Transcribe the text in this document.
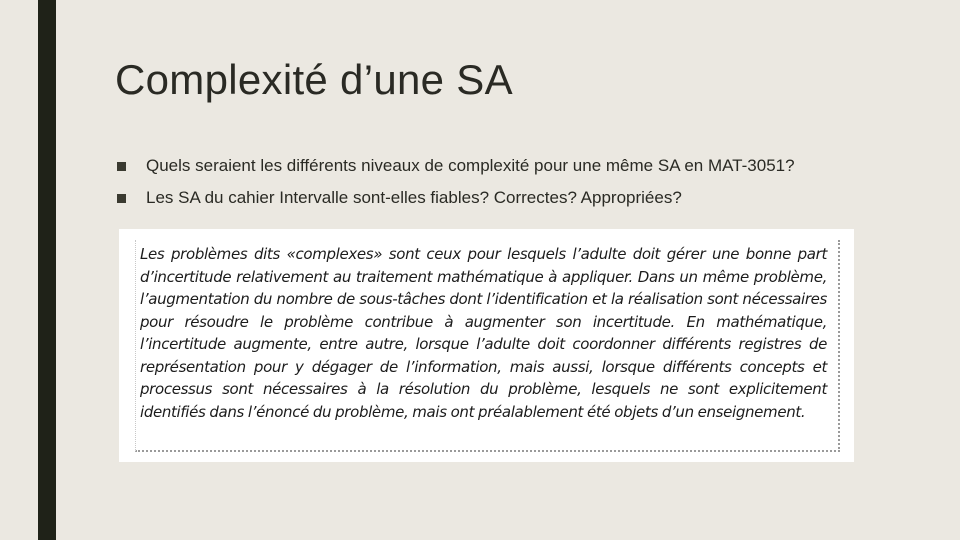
Complexité d’une SA
Quels seraient les différents niveaux de complexité pour une même SA en MAT-3051?
Les SA du cahier Intervalle sont-elles fiables? Correctes? Appropriées?

Les problèmes dits «complexes» sont ceux pour lesquels l’adulte doit gérer une bonne part d’incertitude relativement au traitement mathématique à appliquer. Dans un même problème, l’augmentation du nombre de sous-tâches dont l’identification et la réalisation sont nécessaires pour résoudre le problème contribue à augmenter son incertitude. En mathématique, l’incertitude augmente, entre autre, lorsque l’adulte doit coordonner différents registres de représentation pour y dégager de l’information, mais aussi, lorsque différents concepts et processus sont nécessaires à la résolution du problème, lesquels ne sont explicitement identifiés dans l’énoncé du problème, mais ont préalablement été objets d’un enseignement.
